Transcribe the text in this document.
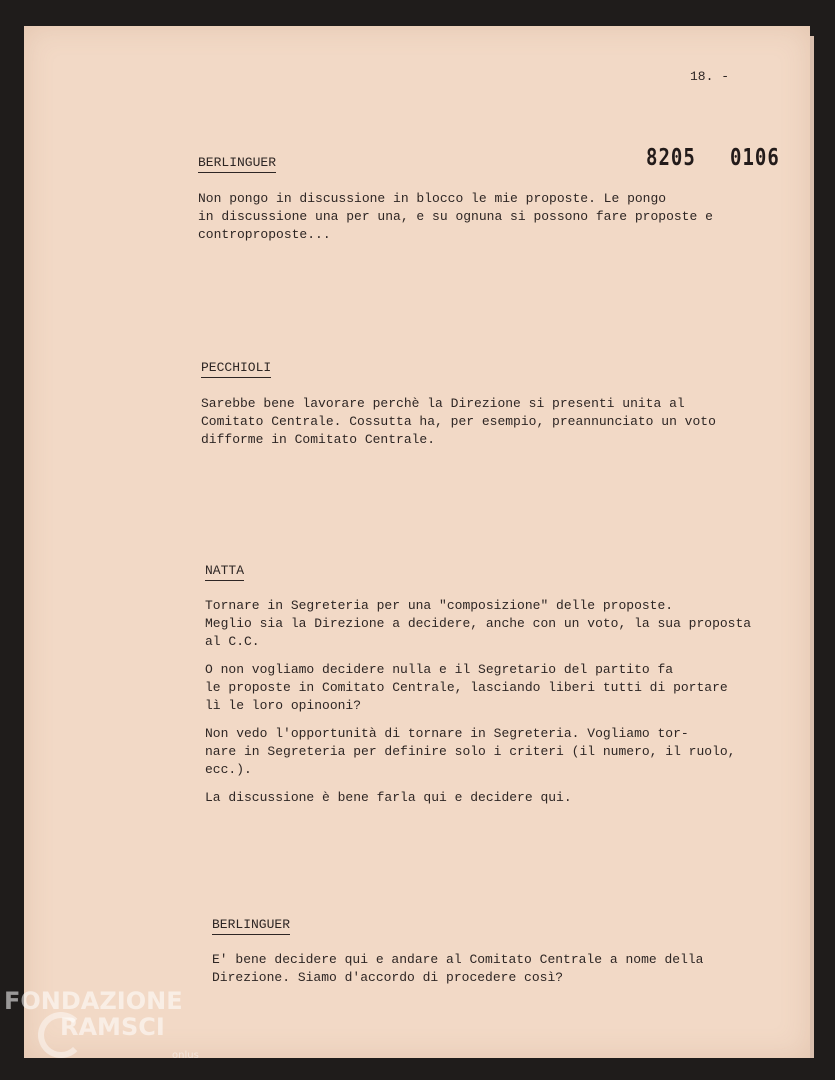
18. -
8205 0106
BERLINGUER
Non pongo in discussione in blocco le mie proposte. Le pongo
in discussione una per una, e su ognuna si possono fare proposte e
controproposte...
PECCHIOLI
Sarebbe bene lavorare perchè la Direzione si presenti unita al
Comitato Centrale. Cossutta ha, per esempio, preannunciato un voto
difforme in Comitato Centrale.
NATTA
Tornare in Segreteria per una "composizione" delle proposte.
Meglio sia la Direzione a decidere, anche con un voto, la sua proposta
al C.C.
O non vogliamo decidere nulla e il Segretario del partito fa
le proposte in Comitato Centrale, lasciando liberi tutti di portare
lì le loro opinooni?
Non vedo l'opportunità di tornare in Segreteria. Vogliamo tor-
nare in Segreteria per definire solo i criteri (il numero, il ruolo,
ecc.).
La discussione è bene farla qui e decidere qui.
BERLINGUER
E' bene decidere qui e andare al Comitato Centrale a nome della
Direzione. Siamo d'accordo di procedere così?
FONDAZIONE
RAMSCI
onlus
